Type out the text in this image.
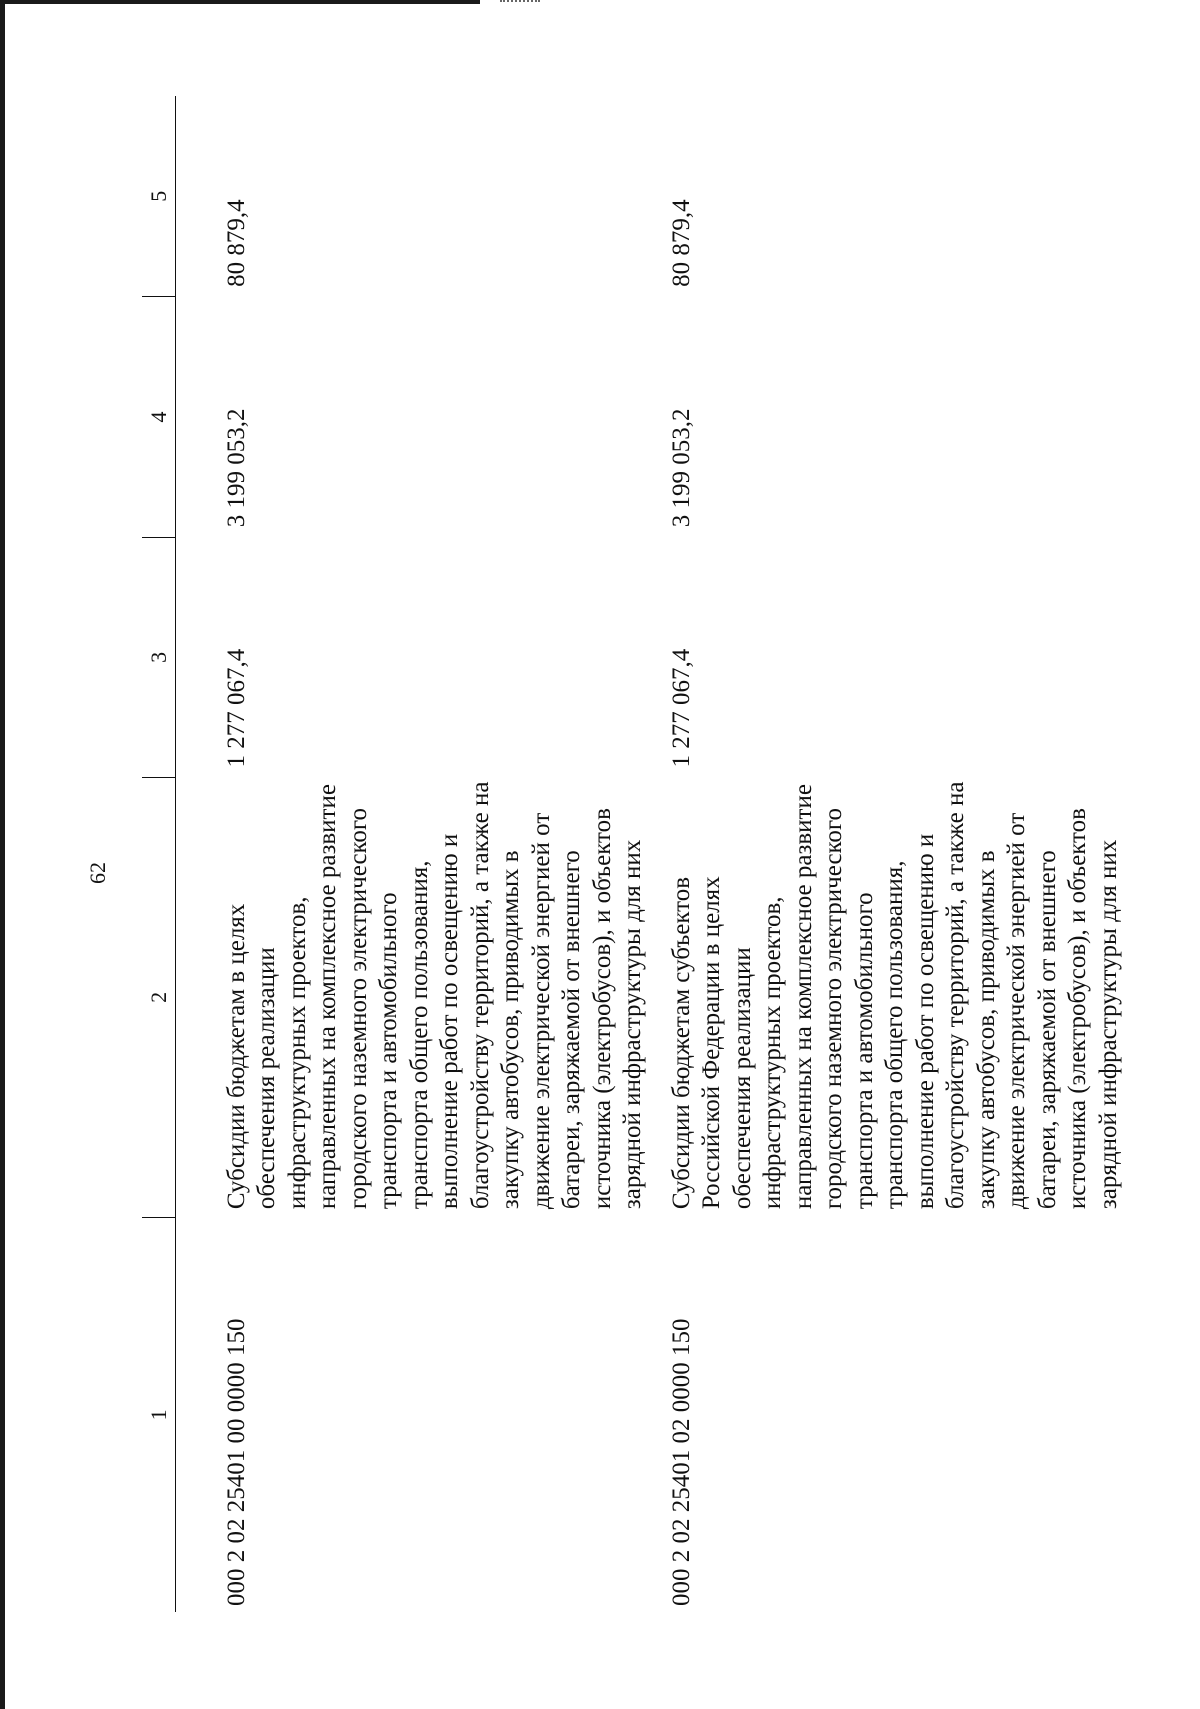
62
1	2	3	4	5
000 2 02 25401 00 0000 150	Субсидии бюджетам в целях обеспечения реализации инфраструктурных проектов, направленных на комплексное развитие городского наземного электрического транспорта и автомобильного транспорта общего пользования, выполнение работ по освещению и благоустройству территорий, а также на закупку автобусов, приводимых в движение электрической энергией от батареи, заряжаемой от внешнего источника (электробусов), и объектов зарядной инфраструктуры для них	1 277 067,4	3 199 053,2	80 879,4
000 2 02 25401 02 0000 150	Субсидии бюджетам субъектов Российской Федерации в целях обеспечения реализации инфраструктурных проектов, направленных на комплексное развитие городского наземного электрического транспорта и автомобильного транспорта общего пользования, выполнение работ по освещению и благоустройству территорий, а также на закупку автобусов, приводимых в движение электрической энергией от батареи, заряжаемой от внешнего источника (электробусов), и объектов зарядной инфраструктуры для них	1 277 067,4	3 199 053,2	80 879,4
